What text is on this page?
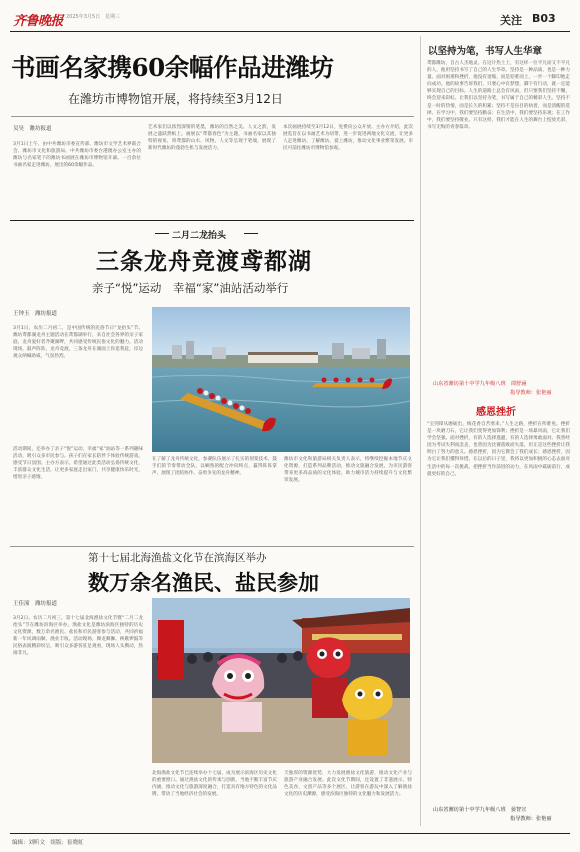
齐鲁晚报 2025年3月5日　星期三	关注 B03
书画名家携60余幅作品进潍坊
在潍坊市博物馆开展，将持续至3月12日
吴昊　潍坊报道
3月1日上午，由中共潍坊市委宣传部、潍坊市文学艺术界联合会、潍坊市文化和旅游局、中共潍坊市委台港澳办公室主办的潍坊与名家笔下的潍坊书画展在潍坊市博物馆开幕。一百余位书画名家走进潍坊，展出的60余幅作品。
艺术家们以浓烈深情的笔墨，潍坊的自然之美、人文之韵，发展之盛跃然纸上。画展以“鸢都春色”为主题，书画名家以其独特的视角，将鸢都的山水、风物、人文等呈现于笔端，展现了新时代潍坊的蓬勃生机与发展活力。
本次画展持续至3月12日，免费向公众开放。主办方介绍，此次展览旨在以书画艺术为纽带，进一步促进两地文化交流，让更多人走进潍坊、了解潍坊、爱上潍坊，推动文化事业繁荣发展。市民可前往潍坊市博物馆参观。
二月二龙抬头
三条龙舟竞渡鸢都湖
亲子“悦”运动　幸福“家”油站活动举行
王钟玉　潍坊报道
3月1日，农历二月初二，是中国传统的民俗节日“龙抬头”节。潍坊鸢都湖龙舟主题活动在鸢都湖举行，来自社会各界的亲子家庭、龙舟爱好者齐聚湖畔，共同感受传统民俗文化的魅力。活动现场，鼓声阵阵，龙舟竞渡，三条龙舟在湖面上你追我赶，岸边观众呐喊助威，气氛热烈。
活动期间，还举办了亲子“悦”运动、幸福“家”油站等一系列趣味活动，吸引众多市民参与。孩子们在家长陪伴下体验传统游戏，感受节日氛围。主办方表示，希望通过此类活动弘扬传统文化，丰富群众文化生活，让更多家庭走出家门，共享健康快乐时光，增进亲子感情。
在了解了龙舟传统文化，参赛队伍展示了扎实的划桨技术，鼓手们的节奏带动全队，以娴熟的配合冲向终点，赢得阵阵掌声，展现了团结协作、奋勇争先的龙舟精神。
潍坊市文化和旅游局相关负责人表示，将继续挖掘本地节庆文化资源，打造系列品牌活动，推动文旅融合发展，为市民游客带来更多高品质的文化体验，助力城市活力持续提升与文化繁荣发展。
第十七届北海渔盐文化节在滨海区举办
数万余名渔民、盐民参加
王佳潼　潍坊报道
3月2日，农历二月初三，第十七届北海渔盐文化节暨“二月二龙抬头”节在潍坊滨海区举办。渔盐文化是潍坊滨海区独特的历史文化资源，数万余名渔民、盐民和市民游客参与活动，共同祈福新一年风调雨顺、渔业丰收。活动现场，舞龙舞狮、秧歌锣鼓等民俗表演精彩纷呈，吸引众多游客驻足观看，现场人头攒动，热闹非凡。
北海渔盐文化节已连续举办十七届，成为展示滨海区历史文化的重要窗口。通过渔盐文化的传承与创新，当地不断丰富节庆内涵，推动文化与旅游深度融合，打造具有地方特色的文化品牌，带动了当地经济社会的发展。
天独厚的资源优势，大力发展渔盐文化旅游，推动文化产业与旅游产业融合发展。此次文化节期间，还设置了非遗展示、特色美食、文创产品等多个展区，让游客在游玩中深入了解渔盐文化的历史渊源，感受滨海区独特的文化魅力和发展活力。
以坚持为笔，书写人生华章
鸢都潍坊，自古人杰地灵。在这片热土上，有这样一位平凡而又不平凡的人，他用坚持书写了自己的人生华章。坚持是一种品质，也是一种力量。面对困难和挫折，他没有退缩，而是迎难而上，一步一个脚印地走向成功。他的故事告诉我们，只要心中有梦想，脚下有行动，就一定能够实现自己的目标。人生的道路上总会有风雨，但只要我们坚持不懈，终会迎来彩虹。让我们以坚持为笔，书写属于自己的精彩人生。坚持不是一时的热情，而是长久的积累；坚持不是盲目的执着，而是清醒的选择。在学习中，我们要坚持勤奋；在生活中，我们要坚持乐观；在工作中，我们要坚持敬业。只有这样，我们才能在人生的舞台上绽放光彩，书写无悔的青春篇章。
山东省潍坊第十中学九年级八班　谭舒涵
指导教师：张艳丽
感恩挫折
“宝剑锋从磨砺出，梅花香自苦寒来。”人生之路，挫折在所难免。挫折是一块磨刀石，它让我们变得更加锋利；挫折是一场暴风雨，它让我们学会坚强。面对挫折，有的人选择逃避，有的人选择勇敢面对。我曾经因为考试失利而沮丧，也曾因为比赛落败而失落，但正是这些挫折让我明白了努力的意义。感恩挫折，因为它教会了我们成长；感恩挫折，因为它让我们懂得珍惜。在以后的日子里，我将以更加积极的心态去面对生活中的每一次挑战，把挫折当作前进的动力，在风雨中砥砺前行，成就更好的自己。
山东省潍坊第十中学九年级八班　晏智宣
指导教师：张艳丽
编辑：刘昕文　组版：崔晓虹
